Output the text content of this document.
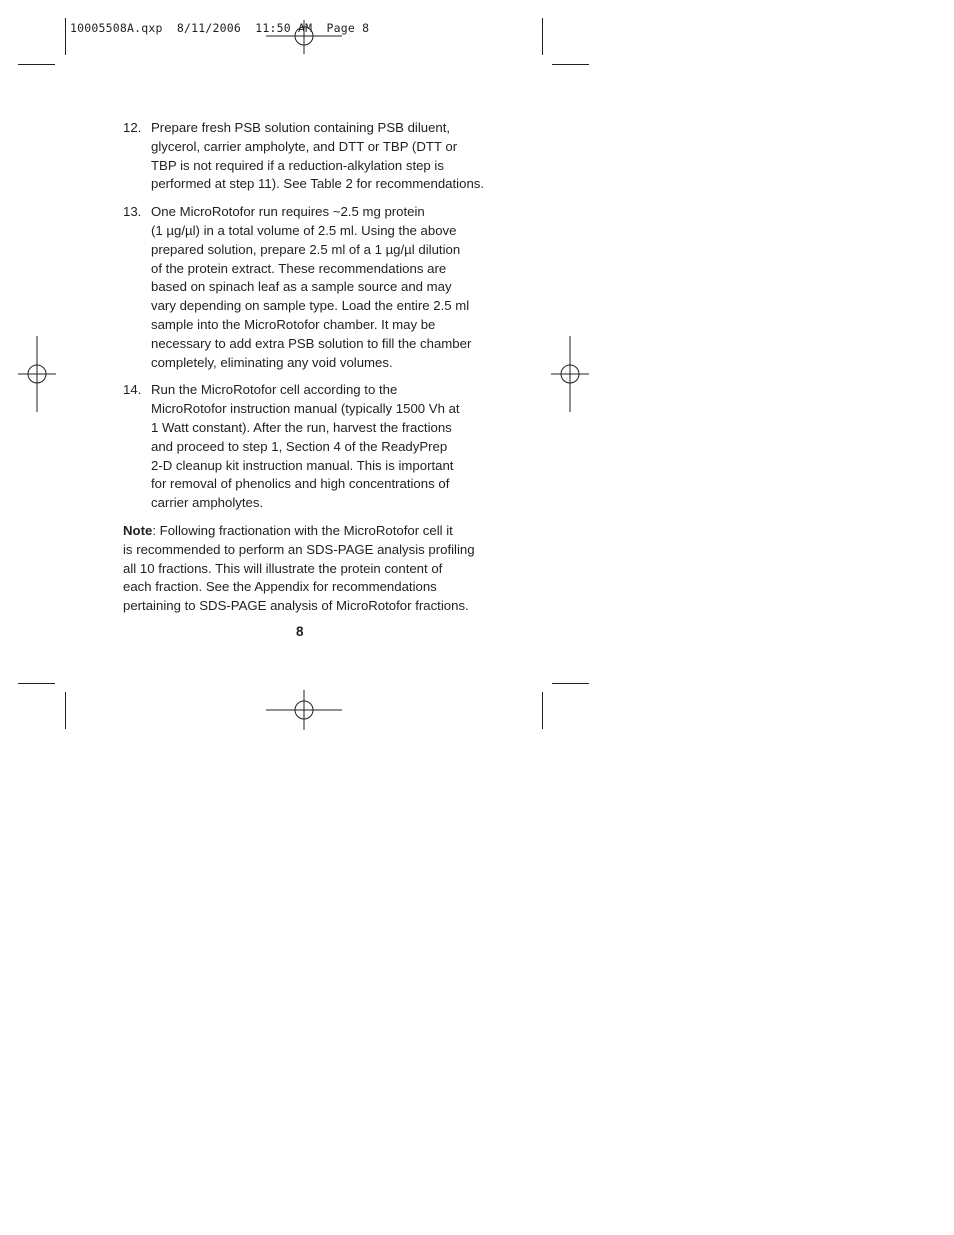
10005508A.qxp  8/11/2006  11:50 AM  Page 8
12. Prepare fresh PSB solution containing PSB diluent,
glycerol, carrier ampholyte, and DTT or TBP (DTT or
TBP is not required if a reduction-alkylation step is
performed at step 11). See Table 2 for recommendations.
13. One MicroRotofor run requires ~2.5 mg protein
(1 µg/µl) in a total volume of 2.5 ml. Using the above
prepared solution, prepare 2.5 ml of a 1 µg/µl dilution
of the protein extract. These recommendations are
based on spinach leaf as a sample source and may
vary depending on sample type. Load the entire 2.5 ml
sample into the MicroRotofor chamber. It may be
necessary to add extra PSB solution to fill the chamber
completely, eliminating any void volumes.
14. Run the MicroRotofor cell according to the
MicroRotofor instruction manual (typically 1500 Vh at
1 Watt constant). After the run, harvest the fractions
and proceed to step 1, Section 4 of the ReadyPrep
2-D cleanup kit instruction manual. This is important
for removal of phenolics and high concentrations of
carrier ampholytes.
Note: Following fractionation with the MicroRotofor cell it
is recommended to perform an SDS-PAGE analysis profiling
all 10 fractions. This will illustrate the protein content of
each fraction. See the Appendix for recommendations
pertaining to SDS-PAGE analysis of MicroRotofor fractions.
8
